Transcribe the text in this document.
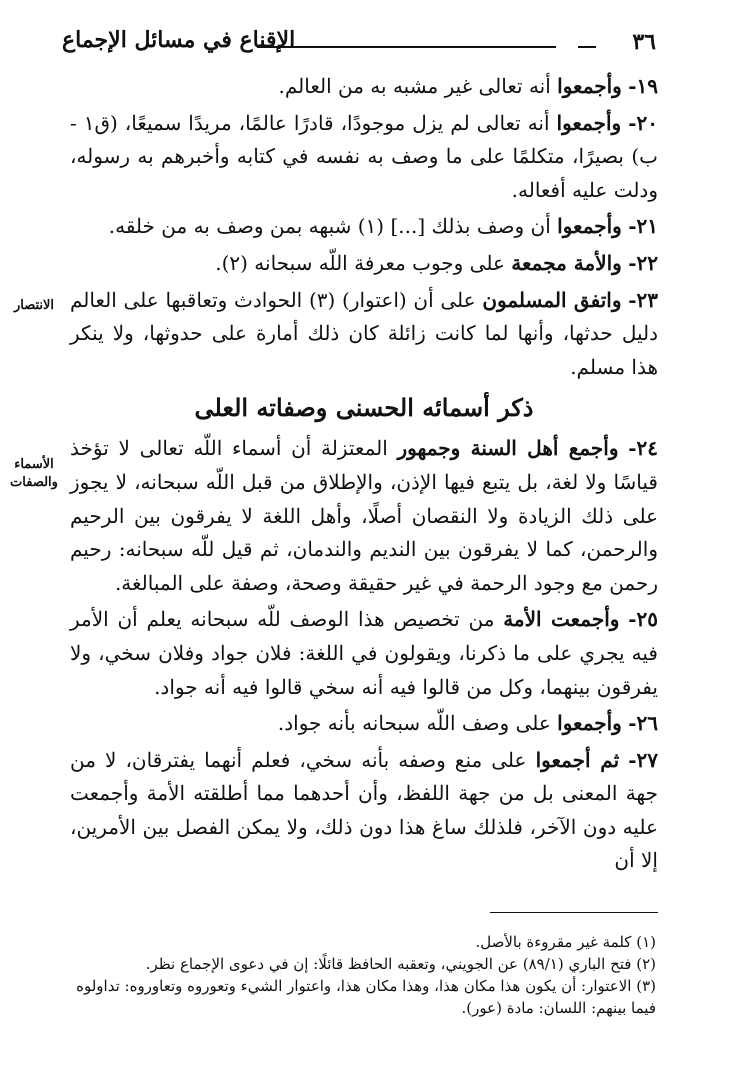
٣٦
الإقناع في مسائل الإجماع
الانتصار
الأسماء والصفات

١٩- وأجمعوا أنه تعالى غير مشبه به من العالم.

٢٠- وأجمعوا أنه تعالى لم يزل موجودًا، قادرًا عالمًا، مريدًا سميعًا، (ق١ - ب) بصيرًا، متكلمًا على ما وصف به نفسه في كتابه وأخبرهم به رسوله، ودلت عليه أفعاله.

٢١- وأجمعوا أن وصف بذلك [...] (١) شبهه بمن وصف به من خلقه.

٢٢- والأمة مجمعة على وجوب معرفة اللّه سبحانه (٢).

٢٣- واتفق المسلمون على أن (اعتوار) (٣) الحوادث وتعاقبها على العالم دليل حدثها، وأنها لما كانت زائلة كان ذلك أمارة على حدوثها، ولا ينكر هذا مسلم.

ذكر أسمائه الحسنى وصفاته العلى

٢٤- وأجمع أهل السنة وجمهور المعتزلة أن أسماء اللّه تعالى لا تؤخذ قياسًا ولا لغة، بل يتبع فيها الإذن، والإطلاق من قبل اللّه سبحانه، لا يجوز على ذلك الزيادة ولا النقصان أصلًا، وأهل اللغة لا يفرقون بين الرحيم والرحمن، كما لا يفرقون بين النديم والندمان، ثم قيل للّه سبحانه: رحيم رحمن مع وجود الرحمة في غير حقيقة وصحة، وصفة على المبالغة.

٢٥- وأجمعت الأمة من تخصيص هذا الوصف للّه سبحانه يعلم أن الأمر فيه يجري على ما ذكرنا، ويقولون في اللغة: فلان جواد وفلان سخي، ولا يفرقون بينهما، وكل من قالوا فيه أنه سخي قالوا فيه أنه جواد.

٢٦- وأجمعوا على وصف اللّه سبحانه بأنه جواد.

٢٧- ثم أجمعوا على منع وصفه بأنه سخي، فعلم أنهما يفترقان، لا من جهة المعنى بل من جهة اللفظ، وأن أحدهما مما أطلقته الأمة وأجمعت عليه دون الآخر، فلذلك ساغ هذا دون ذلك، ولا يمكن الفصل بين الأمرين، إلا أن

(١) كلمة غير مقروءة بالأصل.
(٢) فتح الباري (٨٩/١) عن الجويني، وتعقبه الحافظ قائلًا: إن في دعوى الإجماع نظر.
(٣) الاعتوار: أن يكون هذا مكان هذا، وهذا مكان هذا، واعتوار الشيء وتعوروه وتعاوروه: تداولوه فيما بينهم: اللسان: مادة (عور).
